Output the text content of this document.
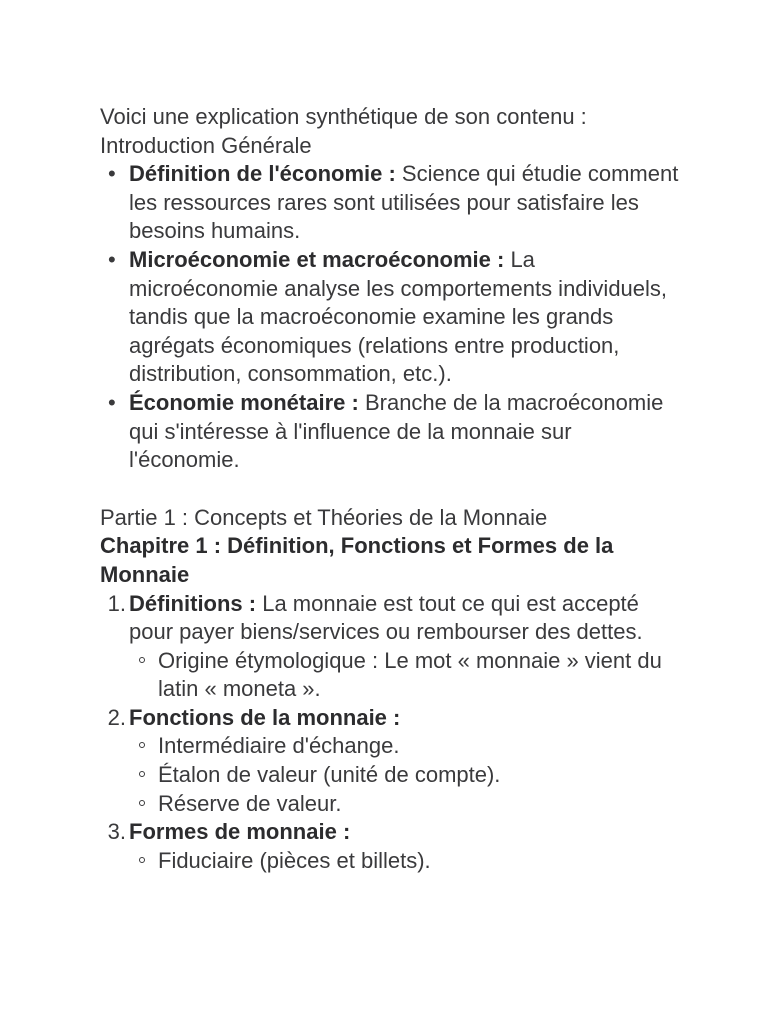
Voici une explication synthétique de son contenu :

Introduction Générale

• Définition de l'économie : Science qui étudie comment les ressources rares sont utilisées pour satisfaire les besoins humains.
• Microéconomie et macroéconomie : La microéconomie analyse les comportements individuels, tandis que la macroéconomie examine les grands agrégats économiques (relations entre production, distribution, consommation, etc.).
• Économie monétaire : Branche de la macroéconomie qui s'intéresse à l'influence de la monnaie sur l'économie.

Partie 1 : Concepts et Théories de la Monnaie

Chapitre 1 : Définition, Fonctions et Formes de la Monnaie

1. Définitions : La monnaie est tout ce qui est accepté pour payer biens/services ou rembourser des dettes.
Origine étymologique : Le mot « monnaie » vient du latin « moneta ».
2. Fonctions de la monnaie :
Intermédiaire d'échange.
Étalon de valeur (unité de compte).
Réserve de valeur.
3. Formes de monnaie :
Fiduciaire (pièces et billets).
